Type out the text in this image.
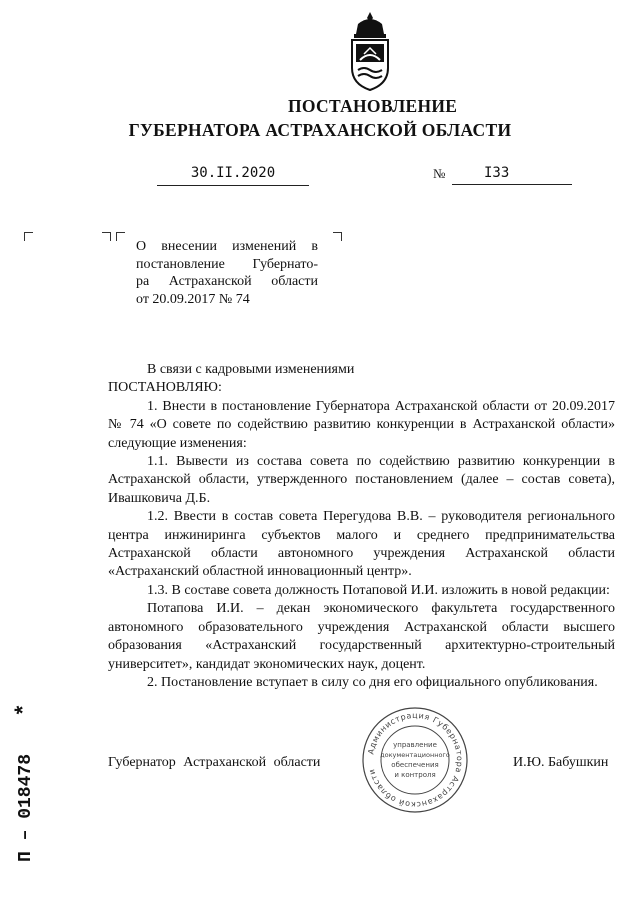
ПОСТАНОВЛЕНИЕ
ГУБЕРНАТОРА АСТРАХАНСКОЙ ОБЛАСТИ
30.II.2020	№	I33
О внесении изменений в
постановление Губернато-
ра Астраханской области
от 20.09.2017 № 74

В связи с кадровыми изменениями

ПОСТАНОВЛЯЮ:

1. Внести в постановление Губернатора Астраханской области от 20.09.2017 № 74 «О совете по содействию развитию конкуренции в Астраханской области» следующие изменения:

1.1. Вывести из состава совета по содействию развитию конкуренции в Астраханской области, утвержденного постановлением (далее – состав совета), Ивашковича Д.Б.

1.2. Ввести в состав совета Перегудова В.В. – руководителя регионального центра инжиниринга субъектов малого и среднего предпринимательства Астраханской области автономного учреждения Астраханской области «Астраханский областной инновационный центр».

1.3. В составе совета должность Потаповой И.И. изложить в новой редакции:

Потапова И.И. – декан экономического факультета государственного автономного образовательного учреждения Астраханской области высшего образования «Астраханский государственный архитектурно-строительный университет», кандидат экономических наук, доцент.

2. Постановление вступает в силу со дня его официального опубликования.

Губернатор Астраханской области	И.Ю. Бабушкин
Администрация Губернатора Астраханской области
управление
документационного
обеспечения
и контроля
П – 018478
*
